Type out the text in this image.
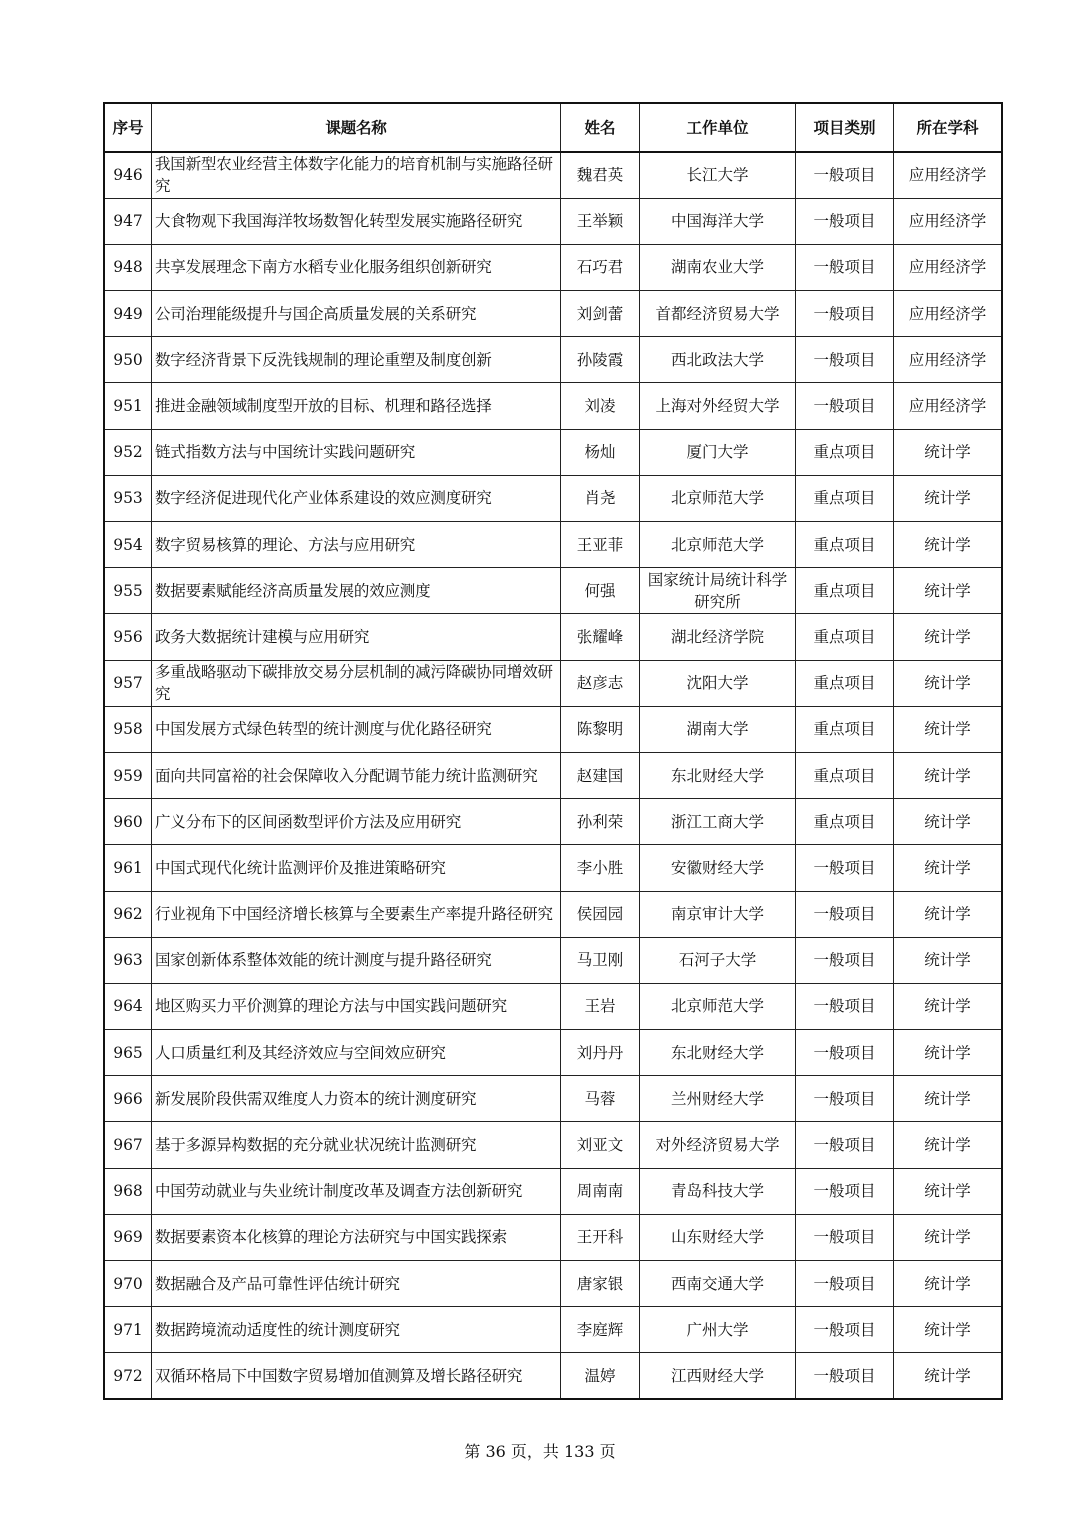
序号	课题名称	姓名	工作单位	项目类别	所在学科
946	我国新型农业经营主体数字化能力的培育机制与实施路径研究	魏君英	长江大学	一般项目	应用经济学
947	大食物观下我国海洋牧场数智化转型发展实施路径研究	王举颖	中国海洋大学	一般项目	应用经济学
948	共享发展理念下南方水稻专业化服务组织创新研究	石巧君	湖南农业大学	一般项目	应用经济学
949	公司治理能级提升与国企高质量发展的关系研究	刘剑蕾	首都经济贸易大学	一般项目	应用经济学
950	数字经济背景下反洗钱规制的理论重塑及制度创新	孙陵霞	西北政法大学	一般项目	应用经济学
951	推进金融领域制度型开放的目标、机理和路径选择	刘凌	上海对外经贸大学	一般项目	应用经济学
952	链式指数方法与中国统计实践问题研究	杨灿	厦门大学	重点项目	统计学
953	数字经济促进现代化产业体系建设的效应测度研究	肖尧	北京师范大学	重点项目	统计学
954	数字贸易核算的理论、方法与应用研究	王亚菲	北京师范大学	重点项目	统计学
955	数据要素赋能经济高质量发展的效应测度	何强	国家统计局统计科学研究所	重点项目	统计学
956	政务大数据统计建模与应用研究	张耀峰	湖北经济学院	重点项目	统计学
957	多重战略驱动下碳排放交易分层机制的减污降碳协同增效研究	赵彦志	沈阳大学	重点项目	统计学
958	中国发展方式绿色转型的统计测度与优化路径研究	陈黎明	湖南大学	重点项目	统计学
959	面向共同富裕的社会保障收入分配调节能力统计监测研究	赵建国	东北财经大学	重点项目	统计学
960	广义分布下的区间函数型评价方法及应用研究	孙利荣	浙江工商大学	重点项目	统计学
961	中国式现代化统计监测评价及推进策略研究	李小胜	安徽财经大学	一般项目	统计学
962	行业视角下中国经济增长核算与全要素生产率提升路径研究	侯园园	南京审计大学	一般项目	统计学
963	国家创新体系整体效能的统计测度与提升路径研究	马卫刚	石河子大学	一般项目	统计学
964	地区购买力平价测算的理论方法与中国实践问题研究	王岩	北京师范大学	一般项目	统计学
965	人口质量红利及其经济效应与空间效应研究	刘丹丹	东北财经大学	一般项目	统计学
966	新发展阶段供需双维度人力资本的统计测度研究	马蓉	兰州财经大学	一般项目	统计学
967	基于多源异构数据的充分就业状况统计监测研究	刘亚文	对外经济贸易大学	一般项目	统计学
968	中国劳动就业与失业统计制度改革及调查方法创新研究	周南南	青岛科技大学	一般项目	统计学
969	数据要素资本化核算的理论方法研究与中国实践探索	王开科	山东财经大学	一般项目	统计学
970	数据融合及产品可靠性评估统计研究	唐家银	西南交通大学	一般项目	统计学
971	数据跨境流动适度性的统计测度研究	李庭辉	广州大学	一般项目	统计学
972	双循环格局下中国数字贸易增加值测算及增长路径研究	温婷	江西财经大学	一般项目	统计学
第 36 页，共 133 页
